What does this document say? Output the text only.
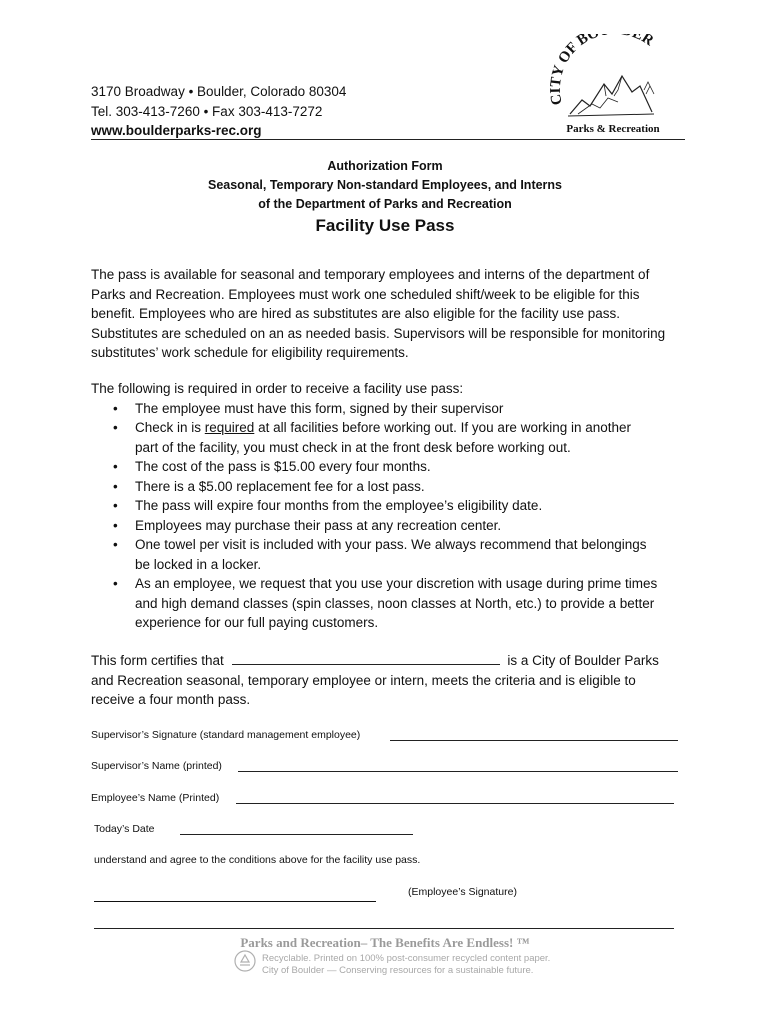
3170 Broadway • Boulder, Colorado 80304
Tel. 303-413-7260 • Fax 303-413-7272
www.boulderparks-rec.org
CITY OF BO ER
Parks & Recreation
Authorization Form
Seasonal, Temporary Non-standard Employees, and Interns
of the Department of Parks and Recreation
Facility Use Pass
The pass is available for seasonal and temporary employees and interns of the department of
Parks and Recreation. Employees must work one scheduled shift/week to be eligible for this
benefit. Employees who are hired as substitutes are also eligible for the facility use pass.
Substitutes are scheduled on an as needed basis. Supervisors will be responsible for monitoring
substitutes’ work schedule for eligibility requirements.
The following is required in order to receive a facility use pass:
• The employee must have this form, signed by their supervisor
• Check in is required at all facilities before working out. If you are working in another
part of the facility, you must check in at the front desk before working out.
• The cost of the pass is $15.00 every four months.
• There is a $5.00 replacement fee for a lost pass.
• The pass will expire four months from the employee’s eligibility date.
• Employees may purchase their pass at any recreation center.
• One towel per visit is included with your pass. We always recommend that belongings
be locked in a locker.
• As an employee, we request that you use your discretion with usage during prime times
and high demand classes (spin classes, noon classes at North, etc.) to provide a better
experience for our full paying customers.
This form certifies that	is a City of Boulder Parks
and Recreation seasonal, temporary employee or intern, meets the criteria and is eligible to
receive a four month pass.
Supervisor’s Signature (standard management employee)
Supervisor’s Name (printed)
Employee’s Name (Printed)
Today’s Date
understand and agree to the conditions above for the facility use pass.
(Employee’s Signature)
Parks and Recreation– The Benefits Are Endless! ™
Recyclable. Printed on 100% post-consumer recycled content paper.
City of Boulder — Conserving resources for a sustainable future.
